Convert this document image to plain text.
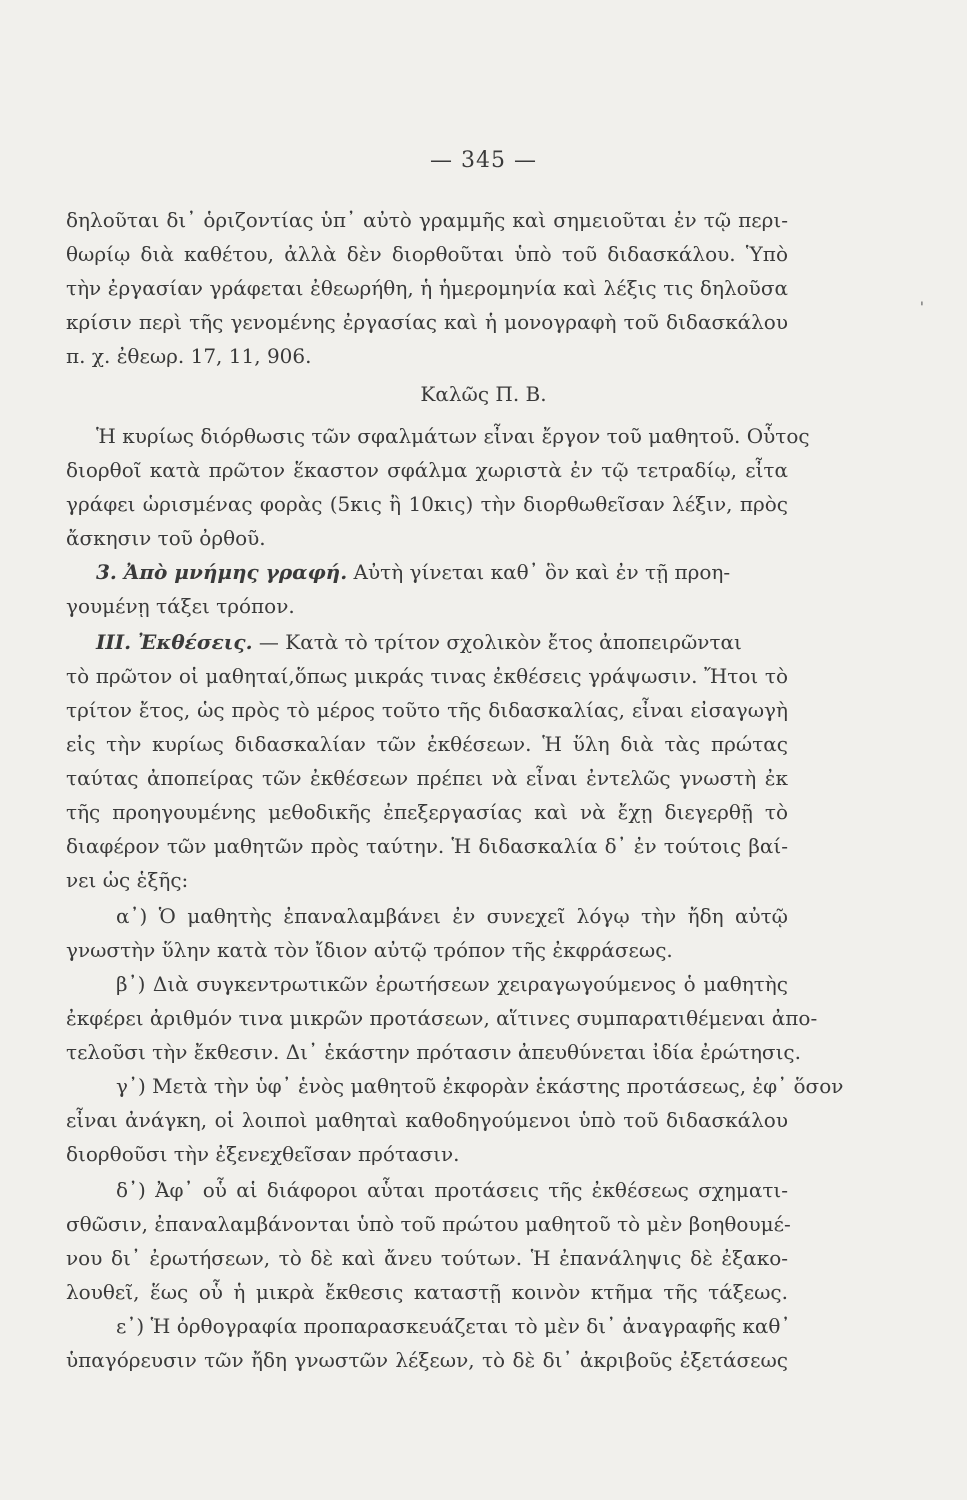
— 345 —
'
δηλοῦται δι᾽ ὁριζοντίας ὑπ᾽ αὐτὸ γραμμῆς καὶ σημειοῦται ἐν τῷ περι-
θωρίῳ διὰ καθέτου, ἀλλὰ δὲν διορθοῦται ὑπὸ τοῦ διδασκάλου. Ὑπὸ
τὴν ἐργασίαν γράφεται ἐθεωρήθη, ἡ ἡμερομηνία καὶ λέξις τις δηλοῦσα
κρίσιν περὶ τῆς γενομένης ἐργασίας καὶ ἡ μονογραφὴ τοῦ διδασκάλου
π. χ. ἐθεωρ. 17, 11, 906.
Καλῶς Π. Β.
Ἡ κυρίως διόρθωσις τῶν σφαλμάτων εἶναι ἔργον τοῦ μαθητοῦ. Οὗτος
διορθοῖ κατὰ πρῶτον ἕκαστον σφάλμα χωριστὰ ἐν τῷ τετραδίῳ, εἶτα
γράφει ὡρισμένας φορὰς (5κις ἢ 10κις) τὴν διορθωθεῖσαν λέξιν, πρὸς
ἄσκησιν τοῦ ὀρθοῦ.
3. Ἀπὸ μνήμης γραφή. Αὐτὴ γίνεται καθ᾽ ὃν καὶ ἐν τῇ προη-
γουμένῃ τάξει τρόπον.
III. Ἐκθέσεις. — Κατὰ τὸ τρίτον σχολικὸν ἔτος ἀποπειρῶνται
τὸ πρῶτον οἱ μαθηταί,ὅπως μικράς τινας ἐκθέσεις γράψωσιν. Ἤτοι τὸ
τρίτον ἔτος, ὡς πρὸς τὸ μέρος τοῦτο τῆς διδασκαλίας, εἶναι εἰσαγωγὴ
εἰς τὴν κυρίως διδασκαλίαν τῶν ἐκθέσεων. Ἡ ὕλη διὰ τὰς πρώτας
ταύτας ἀποπείρας τῶν ἐκθέσεων πρέπει νὰ εἶναι ἐντελῶς γνωστὴ ἐκ
τῆς προηγουμένης μεθοδικῆς ἐπεξεργασίας καὶ νὰ ἔχῃ διεγερθῇ τὸ
διαφέρον τῶν μαθητῶν πρὸς ταύτην. Ἡ διδασκαλία δ᾽ ἐν τούτοις βαί-
νει ὡς ἑξῆς:
α᾽) Ὁ μαθητὴς ἐπαναλαμβάνει ἐν συνεχεῖ λόγῳ τὴν ἤδη αὐτῷ
γνωστὴν ὕλην κατὰ τὸν ἴδιον αὐτῷ τρόπον τῆς ἐκφράσεως.
β᾽) Διὰ συγκεντρωτικῶν ἐρωτήσεων χειραγωγούμενος ὁ μαθητὴς
ἐκφέρει ἀριθμόν τινα μικρῶν προτάσεων, αἵτινες συμπαρατιθέμεναι ἀπο-
τελοῦσι τὴν ἔκθεσιν. Δι᾽ ἑκάστην πρότασιν ἀπευθύνεται ἰδία ἐρώτησις.
γ᾽) Μετὰ τὴν ὑφ᾽ ἑνὸς μαθητοῦ ἐκφορὰν ἑκάστης προτάσεως, ἐφ᾽ ὅσον
εἶναι ἀνάγκη, οἱ λοιποὶ μαθηταὶ καθοδηγούμενοι ὑπὸ τοῦ διδασκάλου
διορθοῦσι τὴν ἐξενεχθεῖσαν πρότασιν.
δ᾽) Ἀφ᾽ οὗ αἱ διάφοροι αὗται προτάσεις τῆς ἐκθέσεως σχηματι-
σθῶσιν, ἐπαναλαμβάνονται ὑπὸ τοῦ πρώτου μαθητοῦ τὸ μὲν βοηθουμέ-
νου δι᾽ ἐρωτήσεων, τὸ δὲ καὶ ἄνευ τούτων. Ἡ ἐπανάληψις δὲ ἐξακο-
λουθεῖ, ἕως οὗ ἡ μικρὰ ἔκθεσις καταστῇ κοινὸν κτῆμα τῆς τάξεως.
ε᾽) Ἡ ὀρθογραφία προπαρασκευάζεται τὸ μὲν δι᾽ ἀναγραφῆς καθ᾽
ὑπαγόρευσιν τῶν ἤδη γνωστῶν λέξεων, τὸ δὲ δι᾽ ἀκριβοῦς ἐξετάσεως
